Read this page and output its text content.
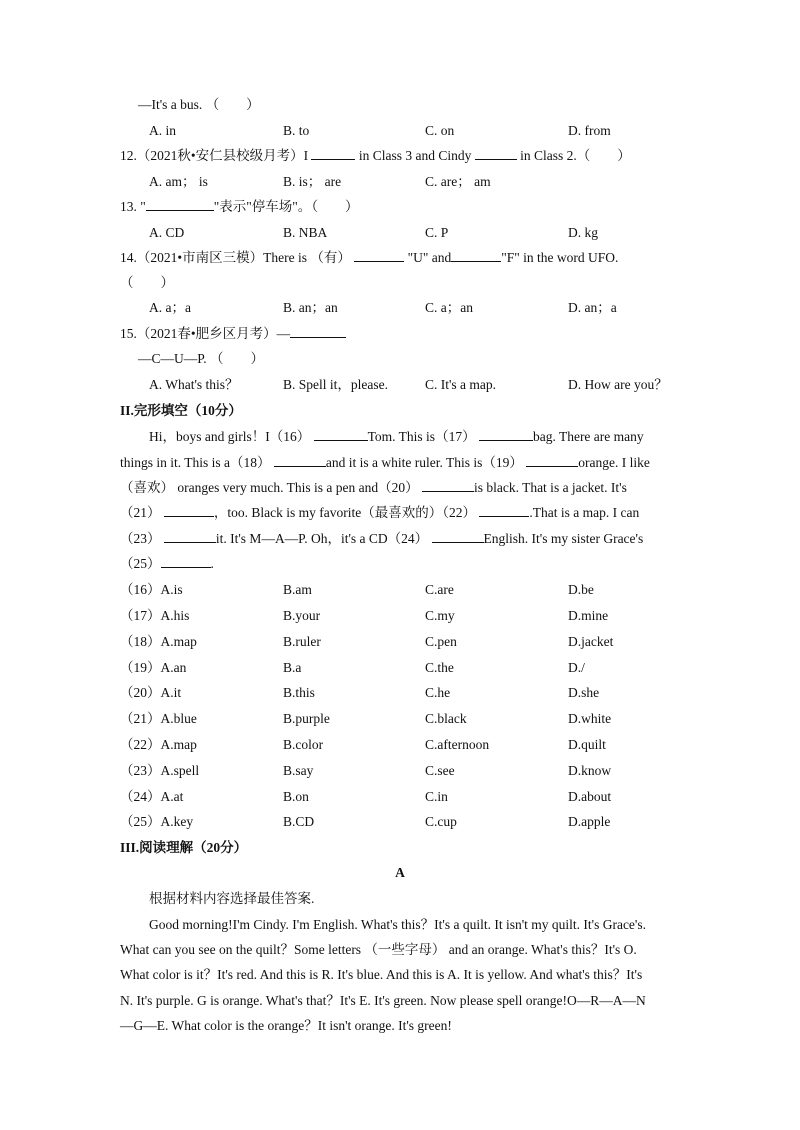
—It's a bus. （　　）
A. in	B. to	C. on	D. from
12.（2021秋•安仁县校级月考）I	in Class 3 and Cindy	in Class 2.（　　）
A. am； is	B. is； are	C. are； am
13. "	"表示"停车场"。（　　）
A. CD	B. NBA	C. P	D. kg
14.（2021•市南区三模）There is （有）	"U" and	"F" in the word UFO.
（　　）
A. a；a	B. an；an	C. a；an	D. an；a
15.（2021春•肥乡区月考）—
—C—U—P. （　　）
A. What's this？	B. Spell it，please.	C. It's a map.	D. How are you？
II.完形填空（10分）
Hi，boys and girls！I（16）	Tom. This is（17）	bag. There are many
things in it. This is a（18）	and it is a white ruler. This is（19）	orange. I like
（喜欢） oranges very much. This is a pen and（20）	is black. That is a jacket. It's
（21）	，too. Black is my favorite（最喜欢的）（22）	.That is a map. I can
（23）	it. It's M—A—P. Oh，it's a CD（24）	English. It's my sister Grace's
（25）	.
（16）A.is	B.am	C.are	D.be
（17）A.his	B.your	C.my	D.mine
（18）A.map	B.ruler	C.pen	D.jacket
（19）A.an	B.a	C.the	D./
（20）A.it	B.this	C.he	D.she
（21）A.blue	B.purple	C.black	D.white
（22）A.map	B.color	C.afternoon	D.quilt
（23）A.spell	B.say	C.see	D.know
（24）A.at	B.on	C.in	D.about
（25）A.key	B.CD	C.cup	D.apple
III.阅读理解（20分）
A
根据材料内容选择最佳答案.
Good morning!I'm Cindy. I'm English. What's this？It's a quilt. It isn't my quilt. It's Grace's.
What can you see on the quilt？Some letters （一些字母） and an orange. What's this？It's O.
What color is it？It's red. And this is R. It's blue. And this is A. It is yellow. And what's this？It's
N. It's purple. G is orange. What's that？It's E. It's green. Now please spell orange!O—R—A—N
—G—E. What color is the orange？It isn't orange. It's green!
